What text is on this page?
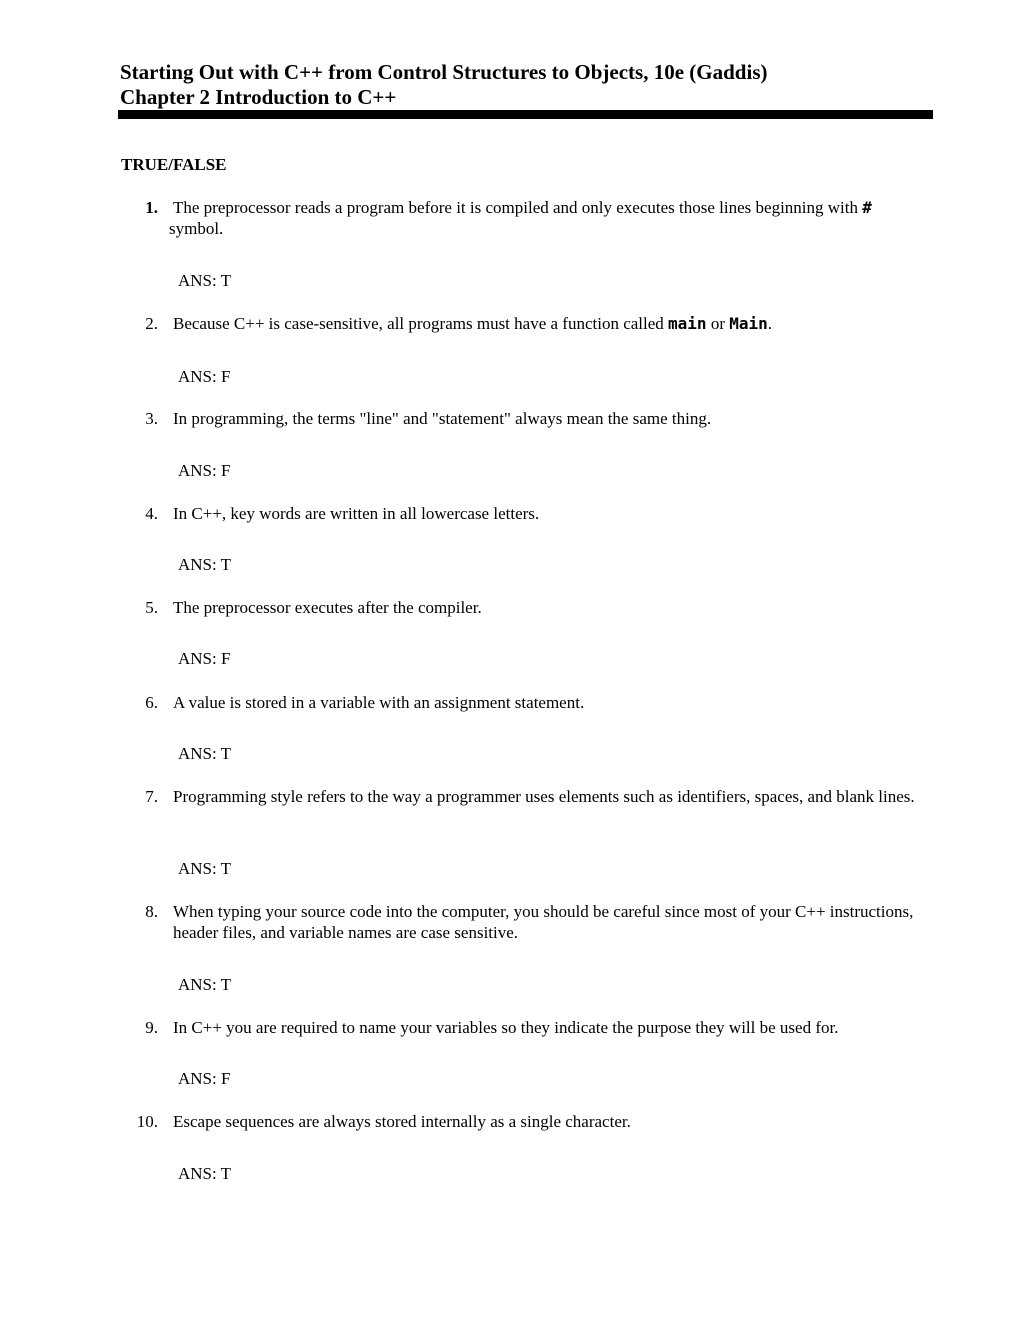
Starting Out with C++ from Control Structures to Objects, 10e (Gaddis)
Chapter 2 Introduction to C++
TRUE/FALSE
1. The preprocessor reads a program before it is compiled and only executes those lines beginning with #
symbol.
ANS: T
2. Because C++ is case-sensitive, all programs must have a function called main or Main.
ANS: F
3. In programming, the terms "line" and "statement" always mean the same thing.
ANS: F
4. In C++, key words are written in all lowercase letters.
ANS: T
5. The preprocessor executes after the compiler.
ANS: F
6. A value is stored in a variable with an assignment statement.
ANS: T
7. Programming style refers to the way a programmer uses elements such as identifiers, spaces, and blank lines.
ANS: T
8. When typing your source code into the computer, you should be careful since most of your C++ instructions, header files, and variable names are case sensitive.
ANS: T
9. In C++ you are required to name your variables so they indicate the purpose they will be used for.
ANS: F
10. Escape sequences are always stored internally as a single character.
ANS: T
